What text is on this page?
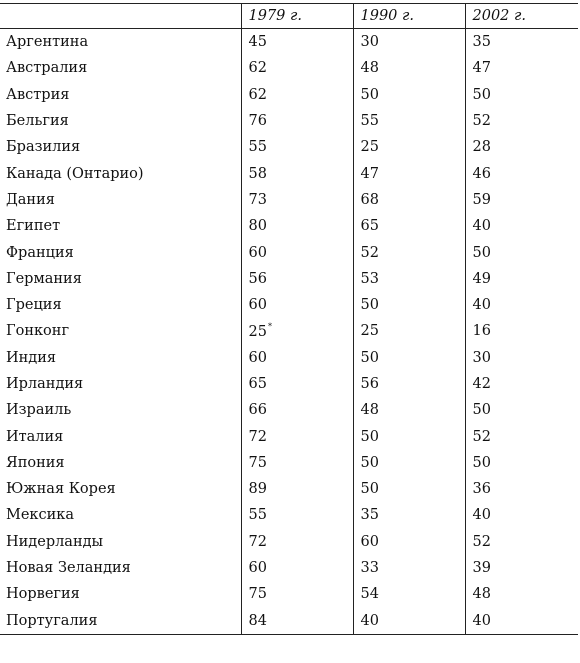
	1979 г.	1990 г.	2002 г.
Аргентина	45	30	35
Австралия	62	48	47
Австрия	62	50	50
Бельгия	76	55	52
Бразилия	55	25	28
Канада (Онтарио)	58	47	46
Дания	73	68	59
Египет	80	65	40
Франция	60	52	50
Германия	56	53	49
Греция	60	50	40
Гонконг	25*	25	16
Индия	60	50	30
Ирландия	65	56	42
Израиль	66	48	50
Италия	72	50	52
Япония	75	50	50
Южная Корея	89	50	36
Мексика	55	35	40
Нидерланды	72	60	52
Новая Зеландия	60	33	39
Норвегия	75	54	48
Португалия	84	40	40
